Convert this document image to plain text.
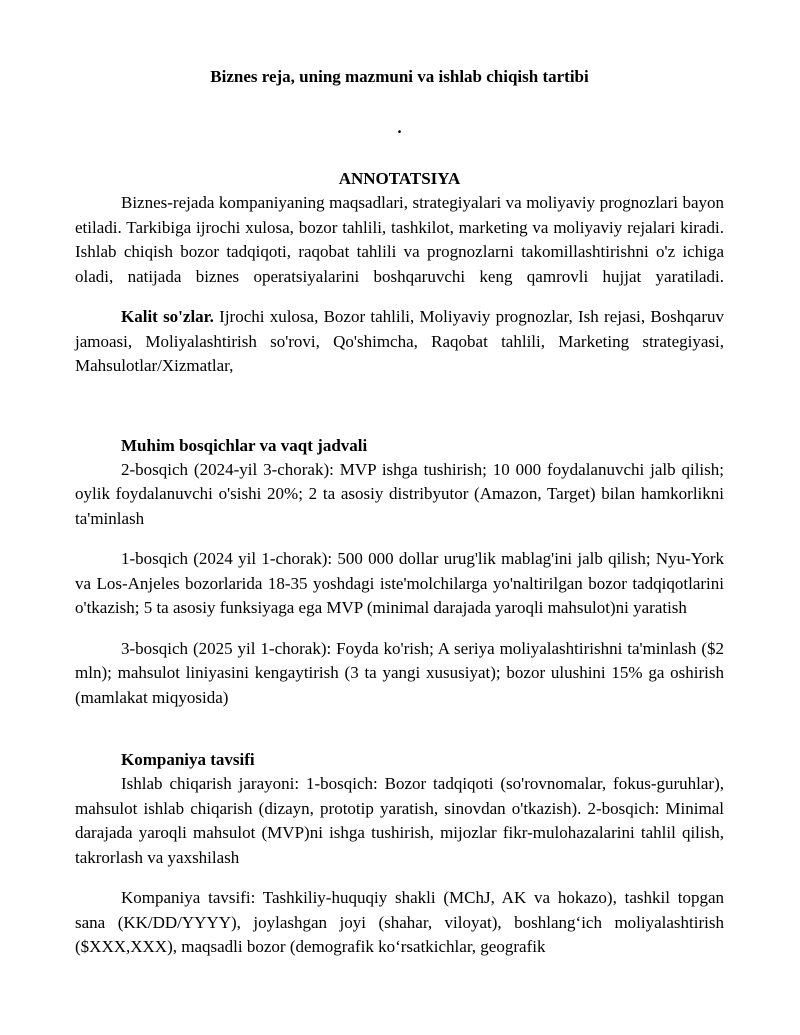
Biznes reja, uning mazmuni va ishlab chiqish tartibi
.
ANNOTATSIYA

Biznes-rejada kompaniyaning maqsadlari, strategiyalari va moliyaviy prognozlari bayon etiladi. Tarkibiga ijrochi xulosa, bozor tahlili, tashkilot, marketing va moliyaviy rejalari kiradi. Ishlab chiqish bozor tadqiqoti, raqobat tahlili va prognozlarni takomillashtirishni o'z ichiga oladi, natijada biznes operatsiyalarini boshqaruvchi keng qamrovli hujjat yaratiladi.

Kalit so'zlar. Ijrochi xulosa, Bozor tahlili, Moliyaviy prognozlar, Ish rejasi, Boshqaruv jamoasi, Moliyalashtirish so'rovi, Qo'shimcha, Raqobat tahlili, Marketing strategiyasi, Mahsulotlar/Xizmatlar,

Muhim bosqichlar va vaqt jadvali

2-bosqich (2024-yil 3-chorak): MVP ishga tushirish; 10 000 foydalanuvchi jalb qilish; oylik foydalanuvchi o'sishi 20%; 2 ta asosiy distribyutor (Amazon, Target) bilan hamkorlikni ta'minlash

1-bosqich (2024 yil 1-chorak): 500 000 dollar urug'lik mablag'ini jalb qilish; Nyu-York va Los-Anjeles bozorlarida 18-35 yoshdagi iste'molchilarga yo'naltirilgan bozor tadqiqotlarini o'tkazish; 5 ta asosiy funksiyaga ega MVP (minimal darajada yaroqli mahsulot)ni yaratish

3-bosqich (2025 yil 1-chorak): Foyda ko'rish; A seriya moliyalashtirishni ta'minlash ($2 mln); mahsulot liniyasini kengaytirish (3 ta yangi xususiyat); bozor ulushini 15% ga oshirish (mamlakat miqyosida)

Kompaniya tavsifi

Ishlab chiqarish jarayoni: 1-bosqich: Bozor tadqiqoti (so'rovnomalar, fokus-guruhlar), mahsulot ishlab chiqarish (dizayn, prototip yaratish, sinovdan o'tkazish). 2-bosqich: Minimal darajada yaroqli mahsulot (MVP)ni ishga tushirish, mijozlar fikr-mulohazalarini tahlil qilish, takrorlash va yaxshilash

Kompaniya tavsifi: Tashkiliy-huquqiy shakli (MChJ, AK va hokazo), tashkil topgan sana (KK/DD/YYYY), joylashgan joyi (shahar, viloyat), boshlang‘ich moliyalashtirish ($XXX,XXX), maqsadli bozor (demografik ko‘rsatkichlar, geografik
